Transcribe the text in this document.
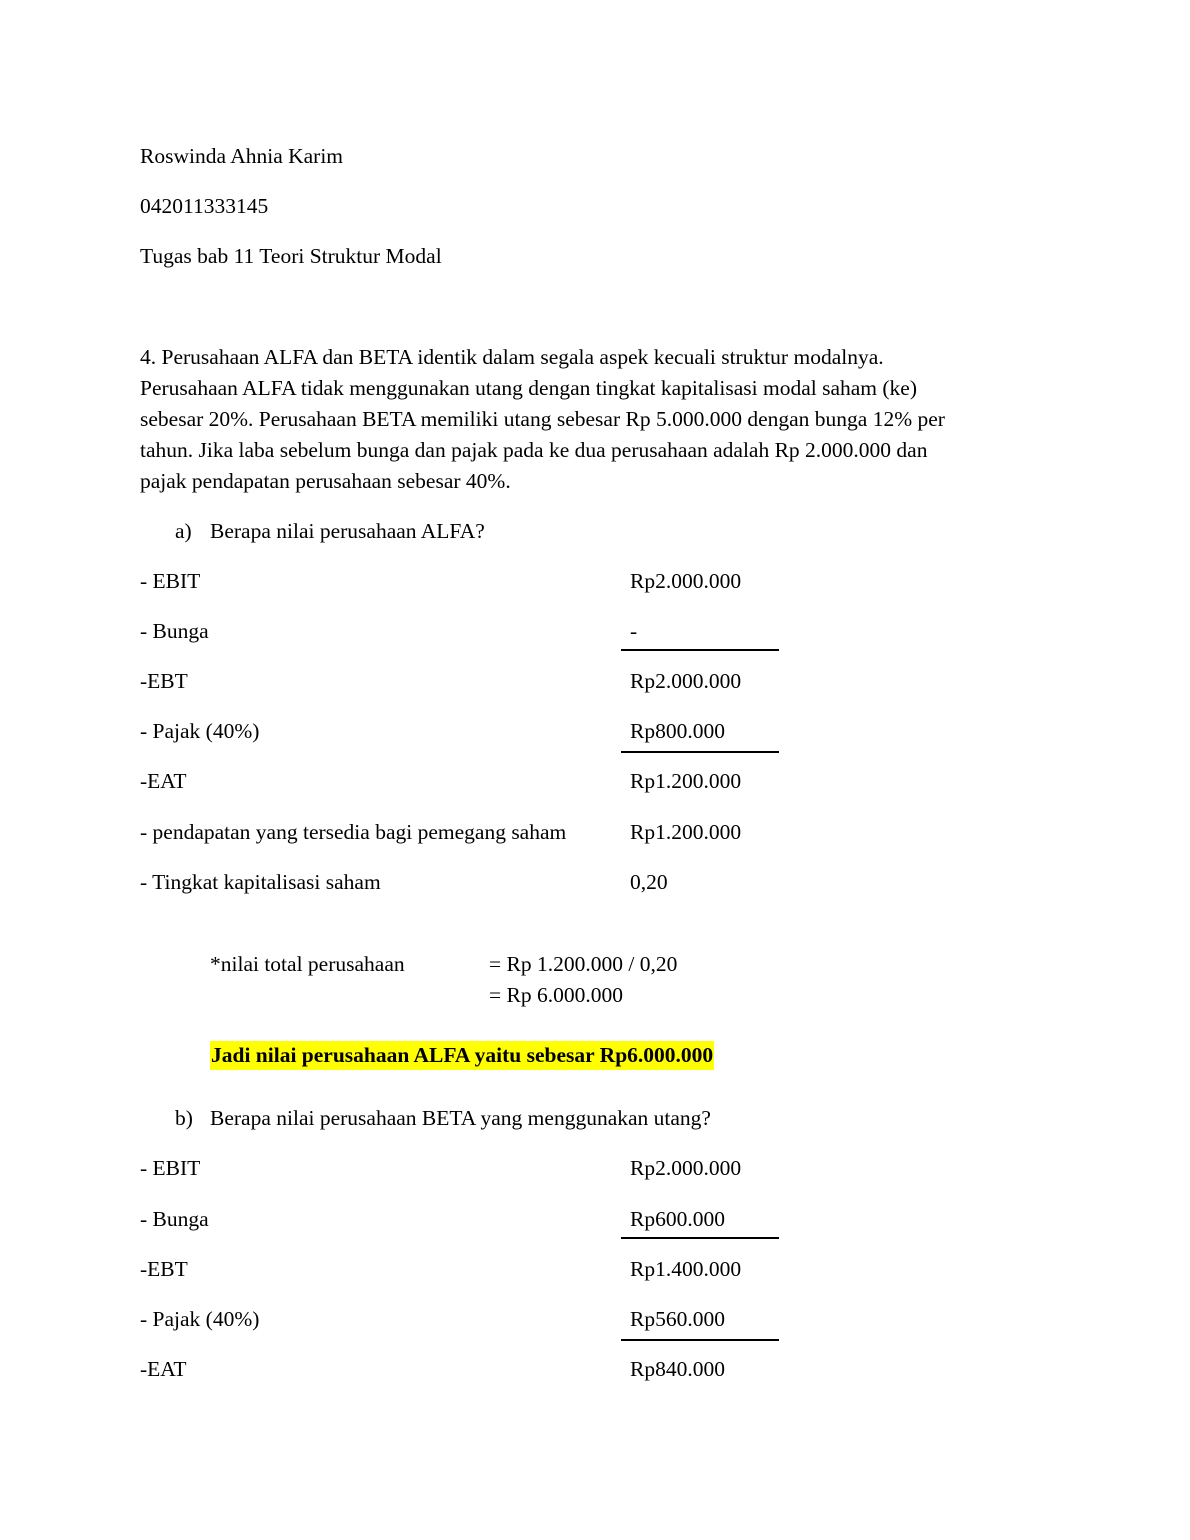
Roswinda Ahnia Karim
042011333145
Tugas bab 11 Teori Struktur Modal
4. Perusahaan ALFA dan BETA identik dalam segala aspek kecuali struktur modalnya.
Perusahaan ALFA tidak menggunakan utang dengan tingkat kapitalisasi modal saham (ke)
sebesar 20%. Perusahaan BETA memiliki utang sebesar Rp 5.000.000 dengan bunga 12% per
tahun. Jika laba sebelum bunga dan pajak pada ke dua perusahaan adalah Rp 2.000.000 dan
pajak pendapatan perusahaan sebesar 40%.
a) Berapa nilai perusahaan ALFA?
- EBIT	Rp2.000.000
- Bunga	-
-EBT	Rp2.000.000
- Pajak (40%)	Rp800.000
-EAT	Rp1.200.000
- pendapatan yang tersedia bagi pemegang saham	Rp1.200.000
- Tingkat kapitalisasi saham	0,20
*nilai total perusahaan	= Rp 1.200.000 / 0,20
= Rp 6.000.000
Jadi nilai perusahaan ALFA yaitu sebesar Rp6.000.000
b) Berapa nilai perusahaan BETA yang menggunakan utang?
- EBIT	Rp2.000.000
- Bunga	Rp600.000
-EBT	Rp1.400.000
- Pajak (40%)	Rp560.000
-EAT	Rp840.000
